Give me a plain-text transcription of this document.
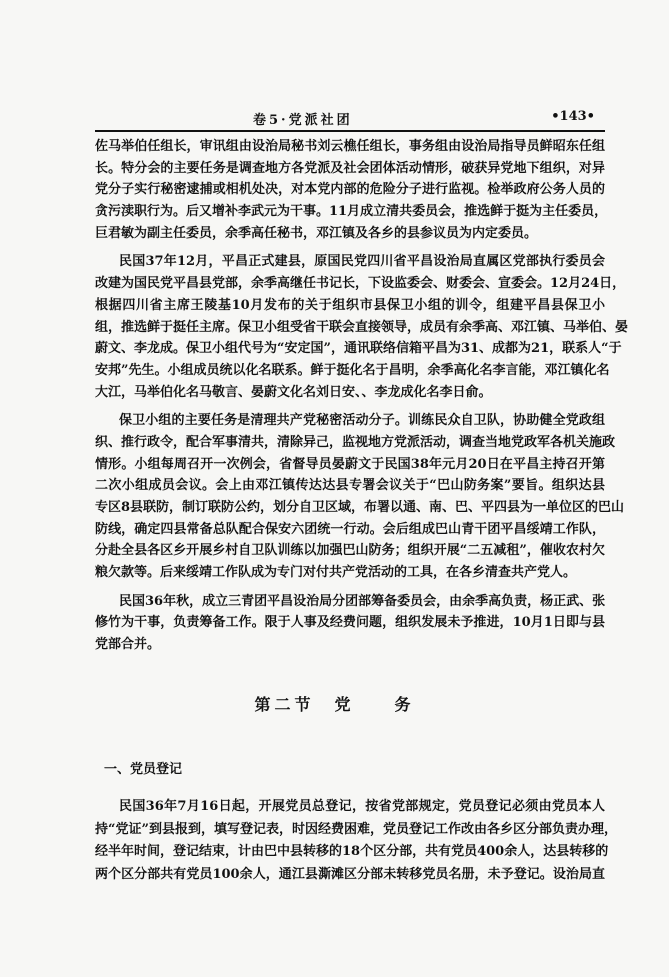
卷5·党派社团	•143•
佐马举伯任组长，审讯组由设治局秘书刘云樵任组长，事务组由设治局指导员鲜昭东任组
长。特分会的主要任务是调查地方各党派及社会团体活动情形，破获异党地下组织，对异
党分子实行秘密逮捕或相机处决，对本党内部的危险分子进行监视。检举政府公务人员的
贪污渎职行为。后又增补李武元为干事。11月成立清共委员会，推选鲜于挺为主任委员，
巨君敏为副主任委员，余季高任秘书，邓江镇及各乡的县参议员为内定委员。
民国37年12月，平昌正式建县，原国民党四川省平昌设治局直属区党部执行委员会
改建为国民党平昌县党部，余季高继任书记长，下设监委会、财委会、宣委会。12月24日，
根据四川省主席王陵基10月发布的关于组织市县保卫小组的训令，组建平昌县保卫小
组，推选鲜于挺任主席。保卫小组受省干联会直接领导，成员有余季高、邓江镇、马举伯、晏
蔚文、李龙成。保卫小组代号为“安定国”，通讯联络信箱平昌为31、成都为21，联系人“于
安邦”先生。小组成员统以化名联系。鲜于挺化名于昌明，余季高化名李言能，邓江镇化名
大江，马举伯化名马敬言、晏蔚文化名刘日安、、李龙成化名李日俞。
保卫小组的主要任务是清理共产党秘密活动分子。训练民众自卫队，协助健全党政组
织、推行政令，配合军事清共，清除异己，监视地方党派活动，调查当地党政军各机关施政
情形。小组每周召开一次例会，省督导员晏蔚文于民国38年元月20日在平昌主持召开第
二次小组成员会议。会上由邓江镇传达达县专署会议关于“巴山防务案”要旨。组织达县
专区8县联防，制订联防公约，划分自卫区域，布署以通、南、巴、平四县为一单位区的巴山
防线，确定四县常备总队配合保安六团统一行动。会后组成巴山青干团平昌绥靖工作队，
分赴全县各区乡开展乡村自卫队训练以加强巴山防务；组织开展“二五减租”，催收农村欠
粮欠款等。后来绥靖工作队成为专门对付共产党活动的工具，在各乡清查共产党人。
民国36年秋，成立三青团平昌设治局分团部筹备委员会，由余季高负责，杨正武、张
修竹为干事，负责筹备工作。限于人事及经费问题，组织发展未予推进，10月1日即与县
党部合并。
第二节　党　　务
一、党员登记
民国36年7月16日起，开展党员总登记，按省党部规定，党员登记必须由党员本人
持“党证”到县报到，填写登记表，时因经费困难，党员登记工作改由各乡区分部负责办理，
经半年时间，登记结束，计由巴中县转移的18个区分部，共有党员400余人，达县转移的
两个区分部共有党员100余人，通江县澌滩区分部未转移党员名册，未予登记。设治局直
